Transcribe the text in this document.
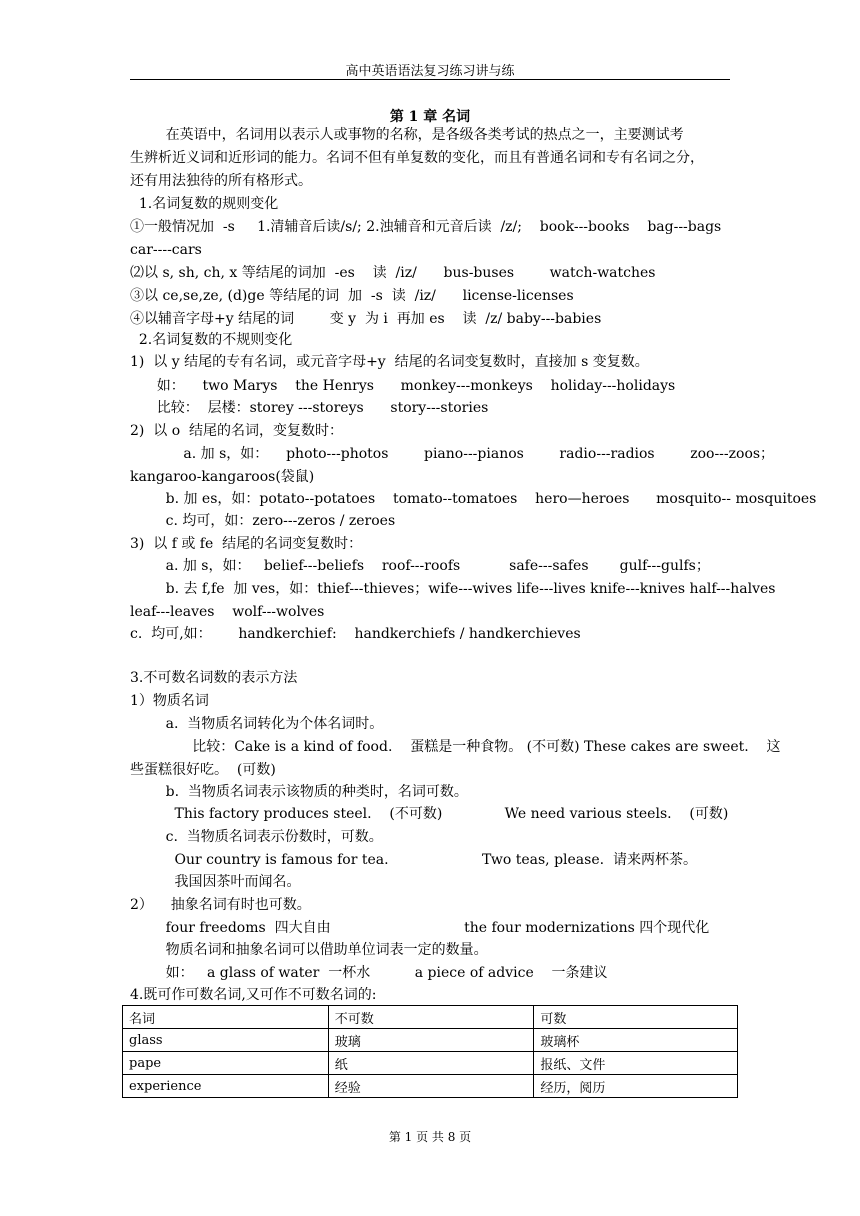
高中英语语法复习练习讲与练
第 1 章 名词
在英语中，名词用以表示人或事物的名称，是各级各类考试的热点之一，主要测试考
生辨析近义词和近形词的能力。名词不但有单复数的变化，而且有普通名词和专有名词之分，
还有用法独待的所有格形式。
1.名词复数的规则变化
①一般情况加  -s     1.清辅音后读/s/; 2.浊辅音和元音后读  /z/;    book---books    bag---bags
car----cars
⑵以 s, sh, ch, x 等结尾的词加  -es    读  /iz/      bus-buses        watch-watches
③以 ce,se,ze, (d)ge 等结尾的词  加  -s  读  /iz/      license-licenses
④以辅音字母+y 结尾的词        变 y  为 i  再加 es    读  /z/ baby---babies
2.名词复数的不规则变化
1)  以 y 结尾的专有名词，或元音字母+y  结尾的名词变复数时，直接加 s 变复数。
如：    two Marys    the Henrys      monkey---monkeys    holiday---holidays
比较：  层楼：storey ---storeys      story---stories
2)  以 o  结尾的名词，变复数时：
a. 加 s，如：    photo---photos        piano---pianos        radio---radios        zoo---zoos；
kangaroo-kangaroos(袋鼠)
b. 加 es，如：potato--potatoes    tomato--tomatoes    hero—heroes      mosquito-- mosquitoes
c. 均可，如：zero---zeros / zeroes
3)  以 f 或 fe  结尾的名词变复数时：
a. 加 s，如：   belief---beliefs    roof---roofs           safe---safes       gulf---gulfs；
b. 去 f,fe  加 ves，如：thief---thieves；wife---wives life---lives knife---knives half---halves
leaf---leaves    wolf---wolves
c.  均可,如：      handkerchief:    handkerchiefs / handkerchieves
3.不可数名词数的表示方法
1）物质名词
a.  当物质名词转化为个体名词时。
比较：Cake is a kind of food.    蛋糕是一种食物。 (不可数) These cakes are sweet.    这
些蛋糕很好吃。  (可数)
b.  当物质名词表示该物质的种类时，名词可数。
This factory produces steel.    (不可数)              We need various steels.    (可数)
c.  当物质名词表示份数时，可数。
Our country is famous for tea.                     Two teas, please.  请来两杯茶。
我国因茶叶而闻名。
2）    抽象名词有时也可数。
four freedoms  四大自由                              the four modernizations 四个现代化
物质名词和抽象名词可以借助单位词表一定的数量。
如：   a glass of water  一杯水          a piece of advice    一条建议
4.既可作可数名词,又可作不可数名词的:
名词	不可数	可数
glass	玻璃	玻璃杯
pape	纸	报纸、文件
experience	经验	经历，阅历
第 1 页 共 8 页
